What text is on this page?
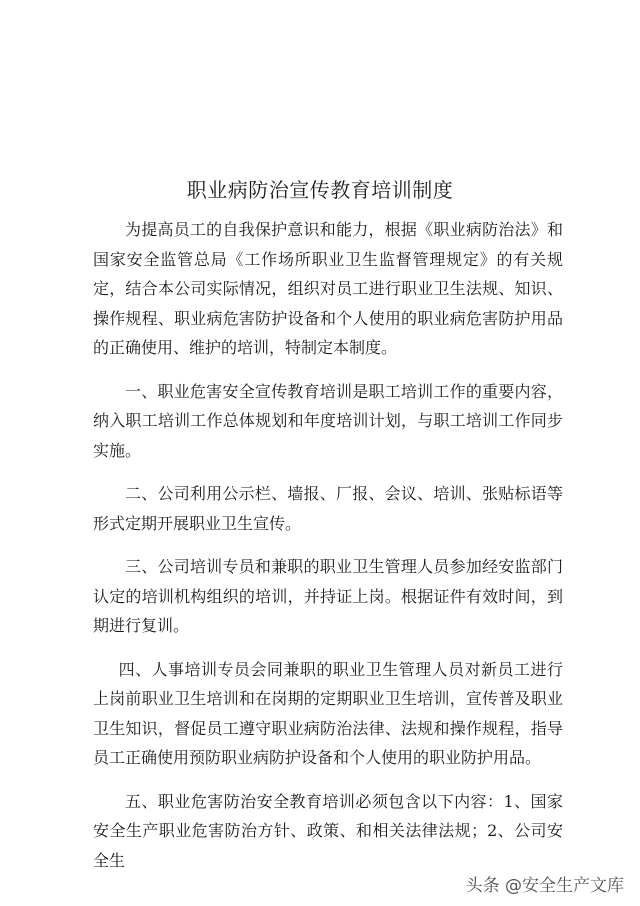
职业病防治宣传教育培训制度

为提高员工的自我保护意识和能力，根据《职业病防治法》和国家安全监管总局《工作场所职业卫生监督管理规定》的有关规定，结合本公司实际情况，组织对员工进行职业卫生法规、知识、操作规程、职业病危害防护设备和个人使用的职业病危害防护用品的正确使用、维护的培训，特制定本制度。

一、职业危害安全宣传教育培训是职工培训工作的重要内容，纳入职工培训工作总体规划和年度培训计划，与职工培训工作同步实施。

二、公司利用公示栏、墙报、厂报、会议、培训、张贴标语等形式定期开展职业卫生宣传。

三、公司培训专员和兼职的职业卫生管理人员参加经安监部门认定的培训机构组织的培训，并持证上岗。根据证件有效时间，到期进行复训。

四、人事培训专员会同兼职的职业卫生管理人员对新员工进行上岗前职业卫生培训和在岗期的定期职业卫生培训，宣传普及职业卫生知识，督促员工遵守职业病防治法律、法规和操作规程，指导员工正确使用预防职业病防护设备和个人使用的职业防护用品。

五、职业危害防治安全教育培训必须包含以下内容：1、国家安全生产职业危害防治方针、政策、和相关法律法规；2、公司安全生

头条 @安全生产文库
